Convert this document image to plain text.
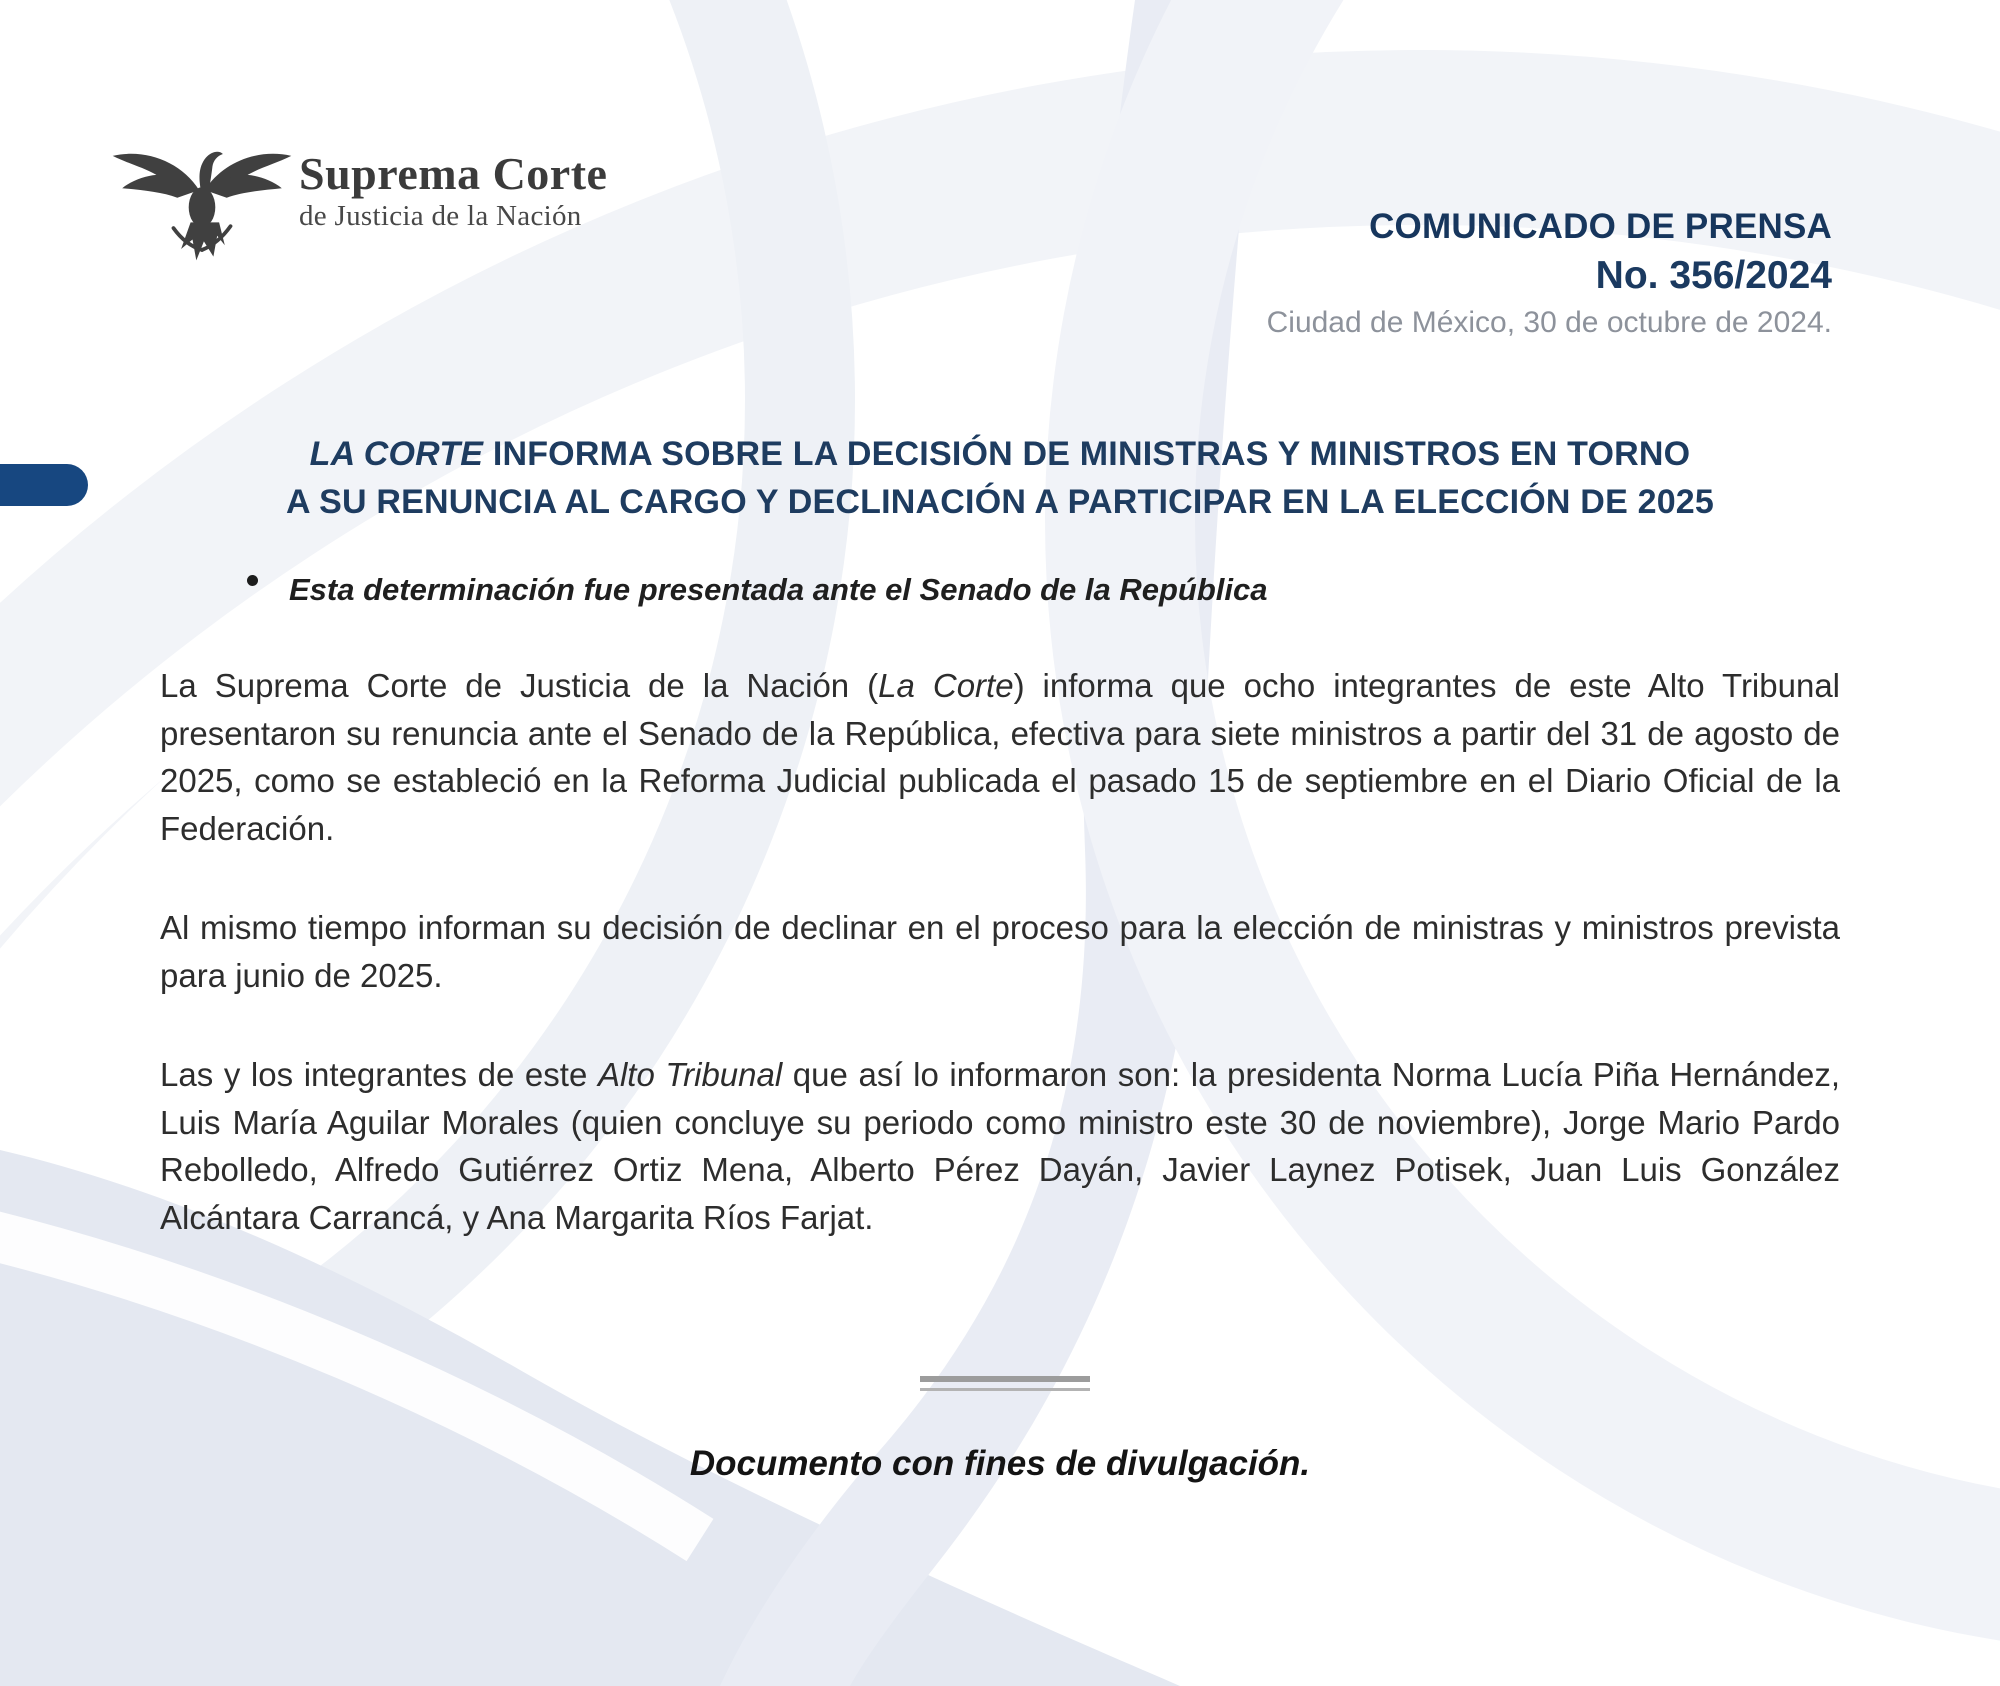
Suprema Corte
de Justicia de la Nación	COMUNICADO DE PRENSA
No. 356/2024
Ciudad de México, 30 de octubre de 2024.
LA CORTE INFORMA SOBRE LA DECISIÓN DE MINISTRAS Y MINISTROS EN TORNO
A SU RENUNCIA AL CARGO Y DECLINACIÓN A PARTICIPAR EN LA ELECCIÓN DE 2025
Esta determinación fue presentada ante el Senado de la República

La Suprema Corte de Justicia de la Nación (La Corte) informa que ocho integrantes de este Alto Tribunal presentaron su renuncia ante el Senado de la República, efectiva para siete ministros a partir del 31 de agosto de 2025, como se estableció en la Reforma Judicial publicada el pasado 15 de septiembre en el Diario Oficial de la Federación.

Al mismo tiempo informan su decisión de declinar en el proceso para la elección de ministras y ministros prevista para junio de 2025.

Las y los integrantes de este Alto Tribunal que así lo informaron son: la presidenta Norma Lucía Piña Hernández, Luis María Aguilar Morales (quien concluye su periodo como ministro este 30 de noviembre), Jorge Mario Pardo Rebolledo, Alfredo Gutiérrez Ortiz Mena, Alberto Pérez Dayán, Javier Laynez Potisek, Juan Luis González Alcántara Carrancá, y Ana Margarita Ríos Farjat.

Documento con fines de divulgación.
